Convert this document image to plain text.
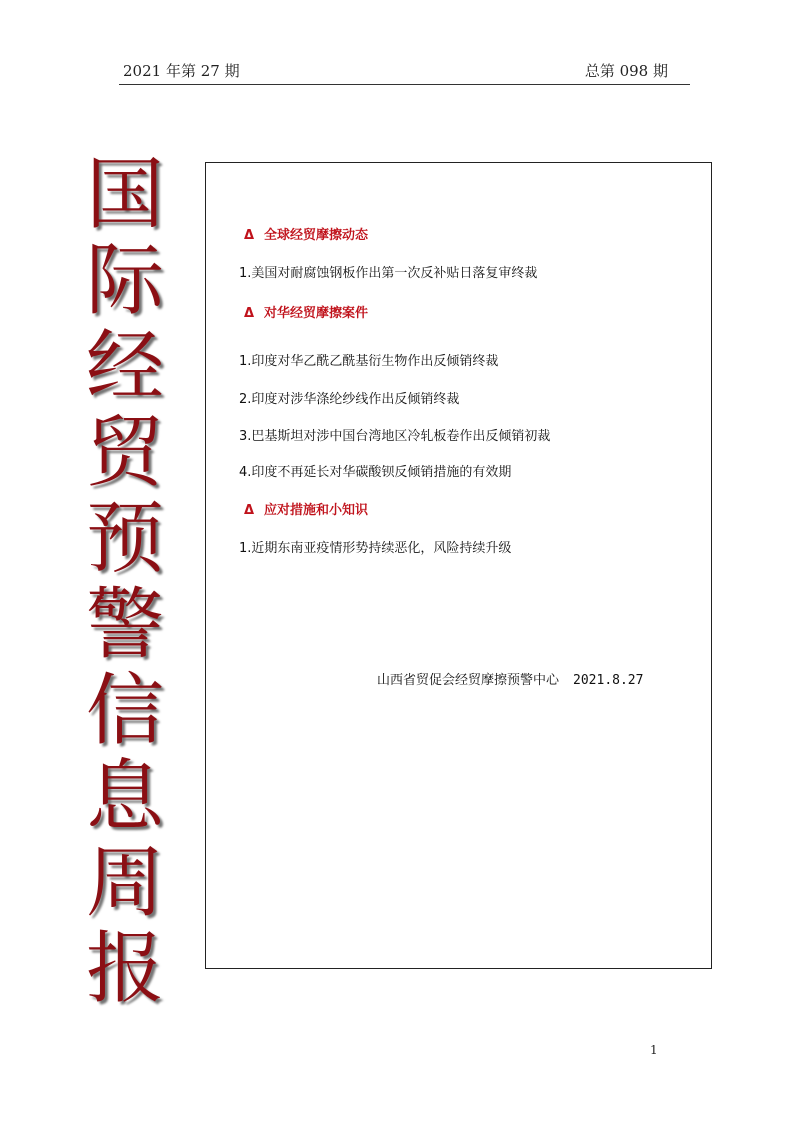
2021 年第 27 期	总第 098 期
国
际
经
贸
预
警
信
息
周
报
Δ 全球经贸摩擦动态
1.美国对耐腐蚀钢板作出第一次反补贴日落复审终裁
Δ 对华经贸摩擦案件
1.印度对华乙酰乙酰基衍生物作出反倾销终裁
2.印度对涉华涤纶纱线作出反倾销终裁
3.巴基斯坦对涉中国台湾地区冷轧板卷作出反倾销初裁
4.印度不再延长对华碳酸钡反倾销措施的有效期
Δ 应对措施和小知识
1.近期东南亚疫情形势持续恶化，风险持续升级
山西省贸促会经贸摩擦预警中心 2021.8.27
1
